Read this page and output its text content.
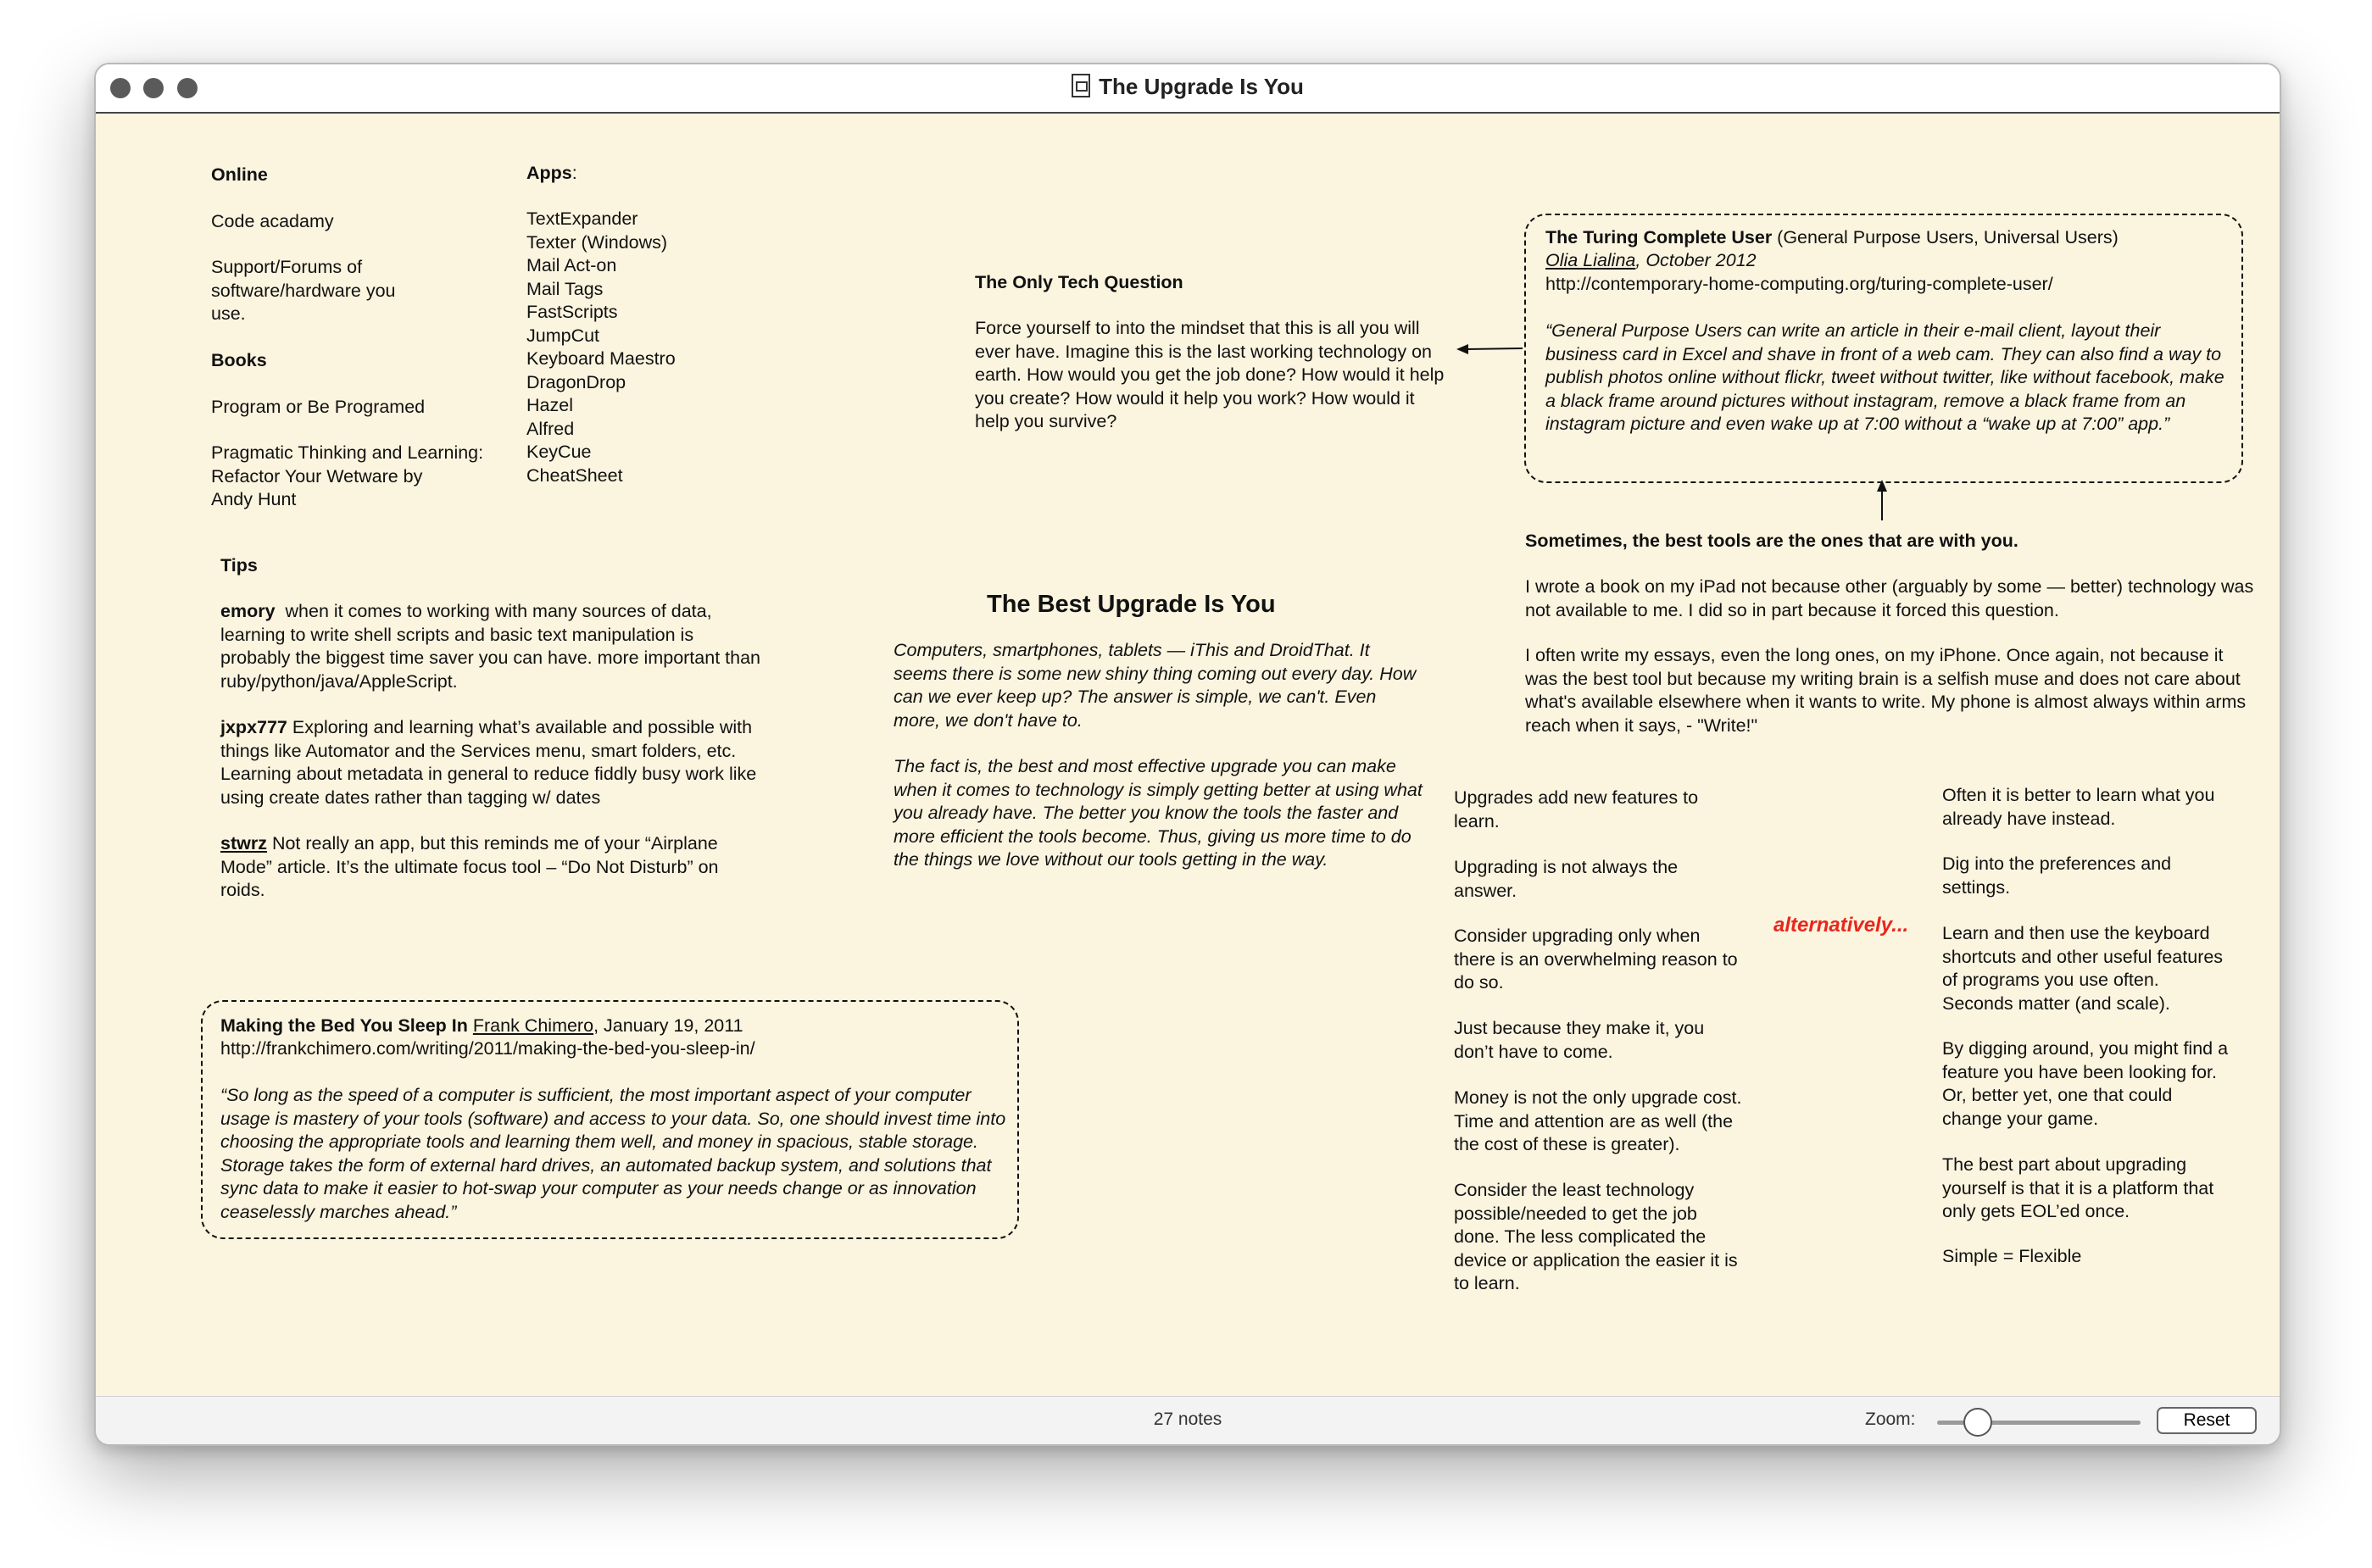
The Upgrade Is You

Online

Code acadamy

Support/Forums of
software/hardware you
use.

Books

Program or Be Programed

Pragmatic Thinking and Learning:
Refactor Your Wetware by
Andy Hunt

Apps:

TextExpander
Texter (Windows)
Mail Act-on
Mail Tags
FastScripts
JumpCut
Keyboard Maestro
DragonDrop
Hazel
Alfred
KeyCue
CheatSheet

Tips

emory when it comes to working with many sources of data, learning to write shell scripts and basic text manipulation is probably the biggest time saver you can have. more important than ruby/python/java/AppleScript.

jxpx777 Exploring and learning what’s available and possible with things like Automator and the Services menu, smart folders, etc. Learning about metadata in general to reduce fiddly busy work like using create dates rather than tagging w/ dates

stwrz Not really an app, but this reminds me of your “Airplane Mode” article. It’s the ultimate focus tool – “Do Not Disturb” on roids.

Making the Bed You Sleep In Frank Chimero, January 19, 2011

http://frankchimero.com/writing/2011/making-the-bed-you-sleep-in/

“So long as the speed of a computer is sufficient, the most important aspect of your computer usage is mastery of your tools (software) and access to your data. So, one should invest time into choosing the appropriate tools and learning them well, and money in spacious, stable storage. Storage takes the form of external hard drives, an automated backup system, and solutions that sync data to make it easier to hot-swap your computer as your needs change or as innovation ceaselessly marches ahead.”

The Only Tech Question

Force yourself to into the mindset that this is all you will ever have. Imagine this is the last working technology on earth. How would you get the job done? How would it help you create? How would it help you work? How would it help you survive?

The Best Upgrade Is You

Computers, smartphones, tablets — iThis and DroidThat. It seems there is some new shiny thing coming out every day. How can we ever keep up? The answer is simple, we can't. Even more, we don't have to.

The fact is, the best and most effective upgrade you can make when it comes to technology is simply getting better at using what you already have. The better you know the tools the faster and more efficient the tools become. Thus, giving us more time to do the things we love without our tools getting in the way.

The Turing Complete User (General Purpose Users, Universal Users)

Olia Lialina, October 2012

http://contemporary-home-computing.org/turing-complete-user/

“General Purpose Users can write an article in their e-mail client, layout their business card in Excel and shave in front of a web cam. They can also find a way to publish photos online without flickr, tweet without twitter, like without facebook, make a black frame around pictures without instagram, remove a black frame from an instagram picture and even wake up at 7:00 without a “wake up at 7:00” app.”

Sometimes, the best tools are the ones that are with you.

I wrote a book on my iPad not because other (arguably by some — better) technology was not available to me. I did so in part because it forced this question.

I often write my essays, even the long ones, on my iPhone. Once again, not because it was the best tool but because my writing brain is a selfish muse and does not care about what's available elsewhere when it wants to write. My phone is almost always within arms reach when it says, - "Write!"

Upgrades add new features to
learn.

Upgrading is not always the
answer.

Consider upgrading only when
there is an overwhelming reason to
do so.

Just because they make it, you
don’t have to come.

Money is not the only upgrade cost.
Time and attention are as well (the
the cost of these is greater).

Consider the least technology
possible/needed to get the job
done. The less complicated the
device or application the easier it is
to learn.

alternatively...

Often it is better to learn what you
already have instead.

Dig into the preferences and
settings.

Learn and then use the keyboard
shortcuts and other useful features
of programs you use often.
Seconds matter (and scale).

By digging around, you might find a
feature you have been looking for.
Or, better yet, one that could
change your game.

The best part about upgrading
yourself is that it is a platform that
only gets EOL’ed once.

Simple = Flexible

27 notes	Zoom:	Reset
